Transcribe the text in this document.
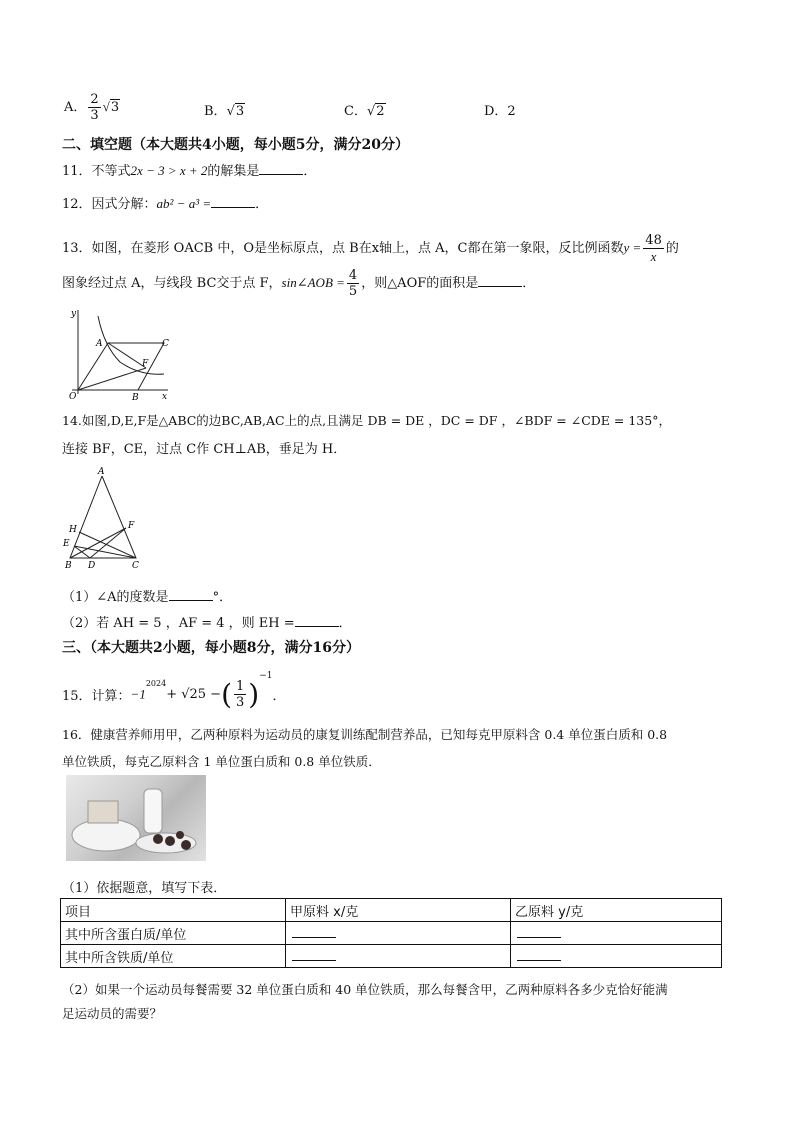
A． $\frac{2}{3} √3$	B．√3	C．√2	D．2
二、填空题（本大题共4小题，每小题5分，满分20分）
11．不等式2x − 3 > x + 2的解集是	．
12．因式分解：ab² − a³ =	．
13．如图，在菱形 OACB 中，O是坐标原点，点 B在x轴上，点 A，C都在第一象限，反比例函数$y = \frac{48}{x}$ 的
图象经过点 A，与线段 BC交于点 F，sin∠AOB = $\frac{4}{5}$ ，则△AOF的面积是	．
y
A	C
F
O	B	x
14.如图,D,E,F是△ABC的边BC,AB,AC上的点,且满足 DB = DE ，DC = DF ，∠BDF = ∠CDE = 135°，
连接 BF，CE，过点 C作 CH⊥AB，垂足为 H．
A
H	F
E
B D	C
（1）∠A的度数是	°．
（2）若 AH = 5 ，AF = 4 ，则 EH =	．
三、（本大题共2小题，每小题8分，满分16分）
15．计算：$-1^{2024}+ √25$ −( $\frac{1}{3} )^{-1}$．
16．健康营养师用甲，乙两种原料为运动员的康复训练配制营养品，已知每克甲原料含 0.4 单位蛋白质和 0.8
单位铁质，每克乙原料含 1 单位蛋白质和 0.8 单位铁质．
（1）依据题意，填写下表．
项目	甲原料 x/克	乙原料 y/克
其中所含蛋白质/单位		
其中所含铁质/单位		
（2）如果一个运动员每餐需要 32 单位蛋白质和 40 单位铁质，那么每餐含甲，乙两种原料各多少克恰好能满
足运动员的需要？
